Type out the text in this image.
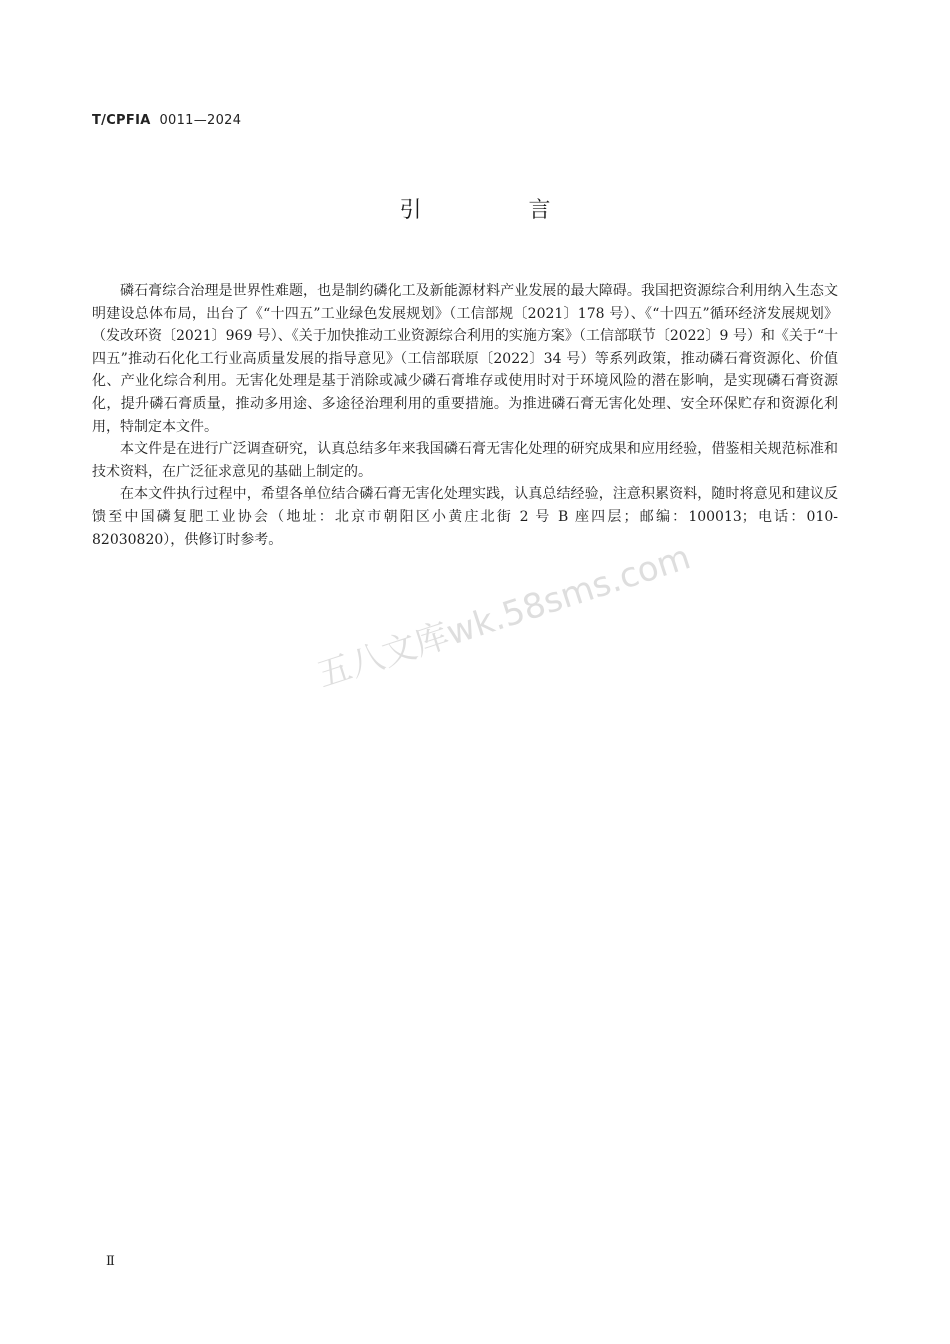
T/CPFIA 0011—2024
引 言

磷石膏综合治理是世界性难题，也是制约磷化工及新能源材料产业发展的最大障碍。我国把资源综合利用纳入生态文明建设总体布局，出台了《“十四五”工业绿色发展规划》（工信部规〔2021〕178 号）、《“十四五”循环经济发展规划》（发改环资〔2021〕969 号）、《关于加快推动工业资源综合利用的实施方案》（工信部联节〔2022〕9 号）和《关于“十四五”推动石化化工行业高质量发展的指导意见》（工信部联原〔2022〕34 号）等系列政策，推动磷石膏资源化、价值化、产业化综合利用。无害化处理是基于消除或减少磷石膏堆存或使用时对于环境风险的潜在影响，是实现磷石膏资源化，提升磷石膏质量，推动多用途、多途径治理利用的重要措施。为推进磷石膏无害化处理、安全环保贮存和资源化利用，特制定本文件。

本文件是在进行广泛调查研究，认真总结多年来我国磷石膏无害化处理的研究成果和应用经验，借鉴相关规范标准和技术资料，在广泛征求意见的基础上制定的。

在本文件执行过程中，希望各单位结合磷石膏无害化处理实践，认真总结经验，注意积累资料，随时将意见和建议反馈至中国磷复肥工业协会（地址：北京市朝阳区小黄庄北街 2 号 B 座四层；邮编：100013；电话：010-82030820），供修订时参考。 五八文库wk.58sms.com
Ⅱ
